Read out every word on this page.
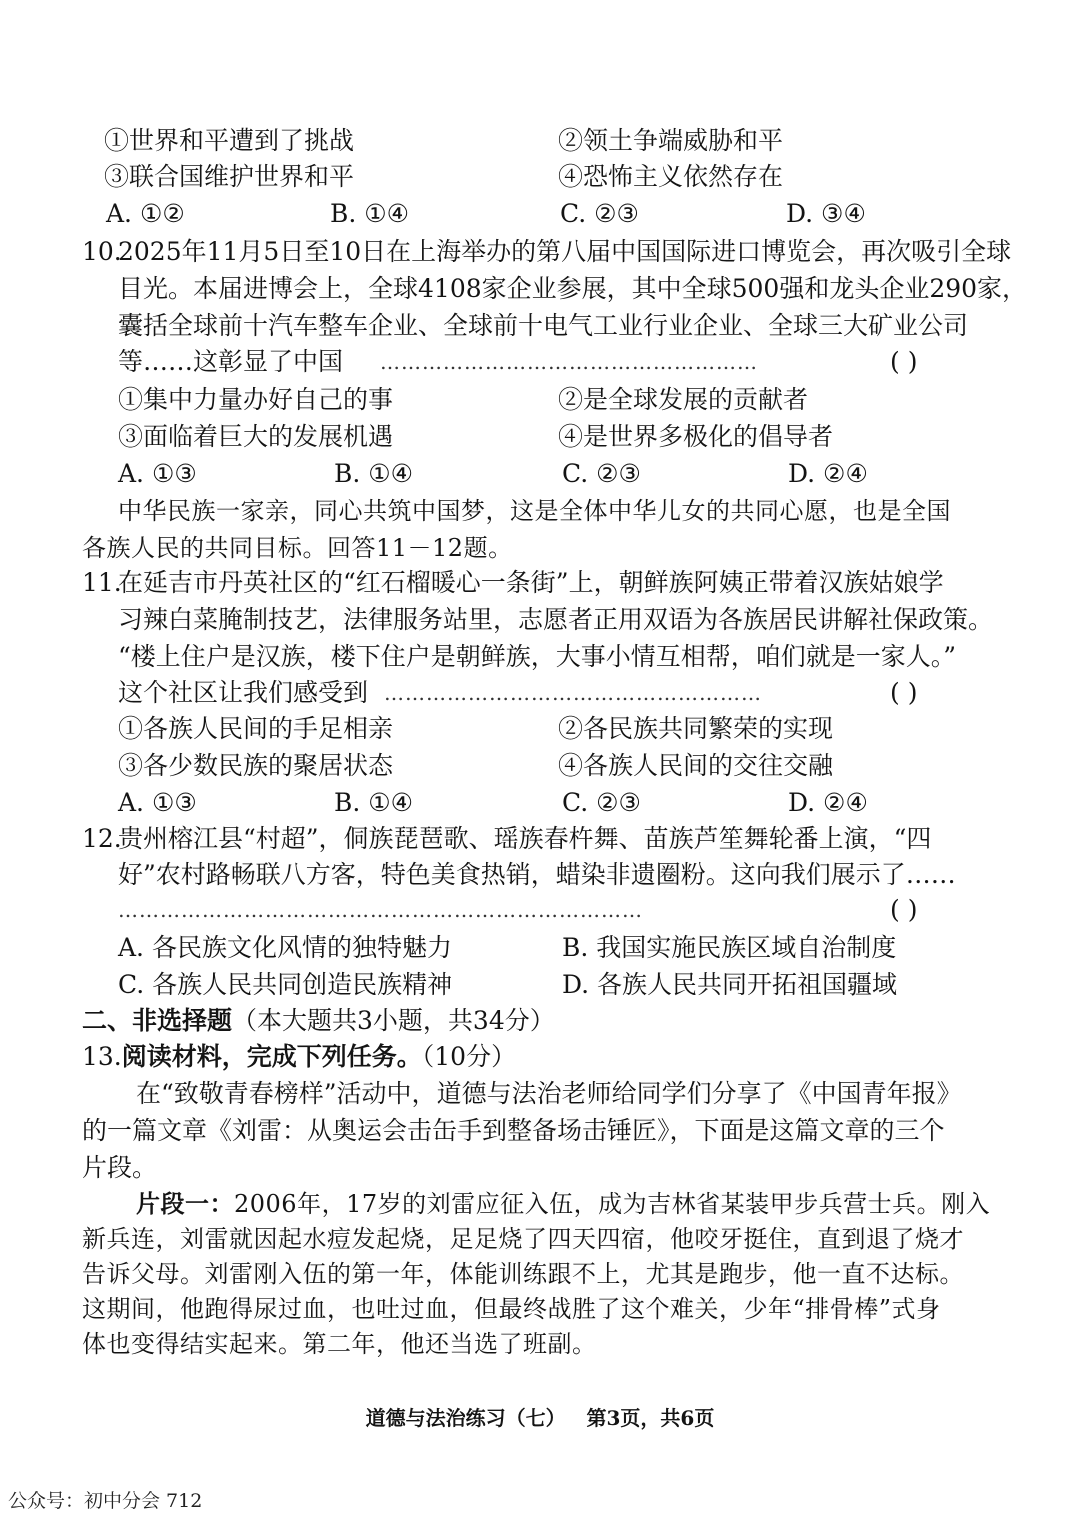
①世界和平遭到了挑战	②领土争端威胁和平
③联合国维护世界和平	④恐怖主义依然存在
A. ①②	B. ①④	C. ②③	D. ③④
10.
2025年11月5日至10日在上海举办的第八届中国国际进口博览会，再次吸引全球
目光。本届进博会上，全球4108家企业参展，其中全球500强和龙头企业290家，
囊括全球前十汽车整车企业、全球前十电气工业行业企业、全球三大矿业公司
等……这彰显了中国 ………………………………………………	( )
①集中力量办好自己的事	②是全球发展的贡献者
③面临着巨大的发展机遇	④是世界多极化的倡导者
A. ①③	B. ①④	C. ②③	D. ②④
中华民族一家亲，同心共筑中国梦，这是全体中华儿女的共同心愿，也是全国
各族人民的共同目标。回答11－12题。
11.
在延吉市丹英社区的“红石榴暖心一条街”上，朝鲜族阿姨正带着汉族姑娘学
习辣白菜腌制技艺，法律服务站里，志愿者正用双语为各族居民讲解社保政策。
“楼上住户是汉族，楼下住户是朝鲜族，大事小情互相帮，咱们就是一家人。”
这个社区让我们感受到 ………………………………………………	( )
①各族人民间的手足相亲	②各民族共同繁荣的实现
③各少数民族的聚居状态	④各族人民间的交往交融
A. ①③	B. ①④	C. ②③	D. ②④
12.
贵州榕江县“村超”，侗族琵琶歌、瑶族春杵舞、苗族芦笙舞轮番上演，“四
好”农村路畅联八方客，特色美食热销，蜡染非遗圈粉。这向我们展示了……
…………………………………………………………………	( )
A. 各民族文化风情的独特魅力	B. 我国实施民族区域自治制度
C. 各族人民共同创造民族精神	D. 各族人民共同开拓祖国疆域
二、非选择题（本大题共3小题，共34分）
13.阅读材料，完成下列任务。（10分）
在“致敬青春榜样”活动中，道德与法治老师给同学们分享了《中国青年报》
的一篇文章《刘雷：从奥运会击缶手到整备场击锤匠》，下面是这篇文章的三个
片段。
片段一：2006年，17岁的刘雷应征入伍，成为吉林省某装甲步兵营士兵。刚入
新兵连，刘雷就因起水痘发起烧，足足烧了四天四宿，他咬牙挺住，直到退了烧才
告诉父母。刘雷刚入伍的第一年，体能训练跟不上，尤其是跑步，他一直不达标。
这期间，他跑得尿过血，也吐过血，但最终战胜了这个难关，少年“排骨棒”式身
体也变得结实起来。第二年，他还当选了班副。
道德与法治练习（七） 第3页，共6页
公众号：初中分会 712
